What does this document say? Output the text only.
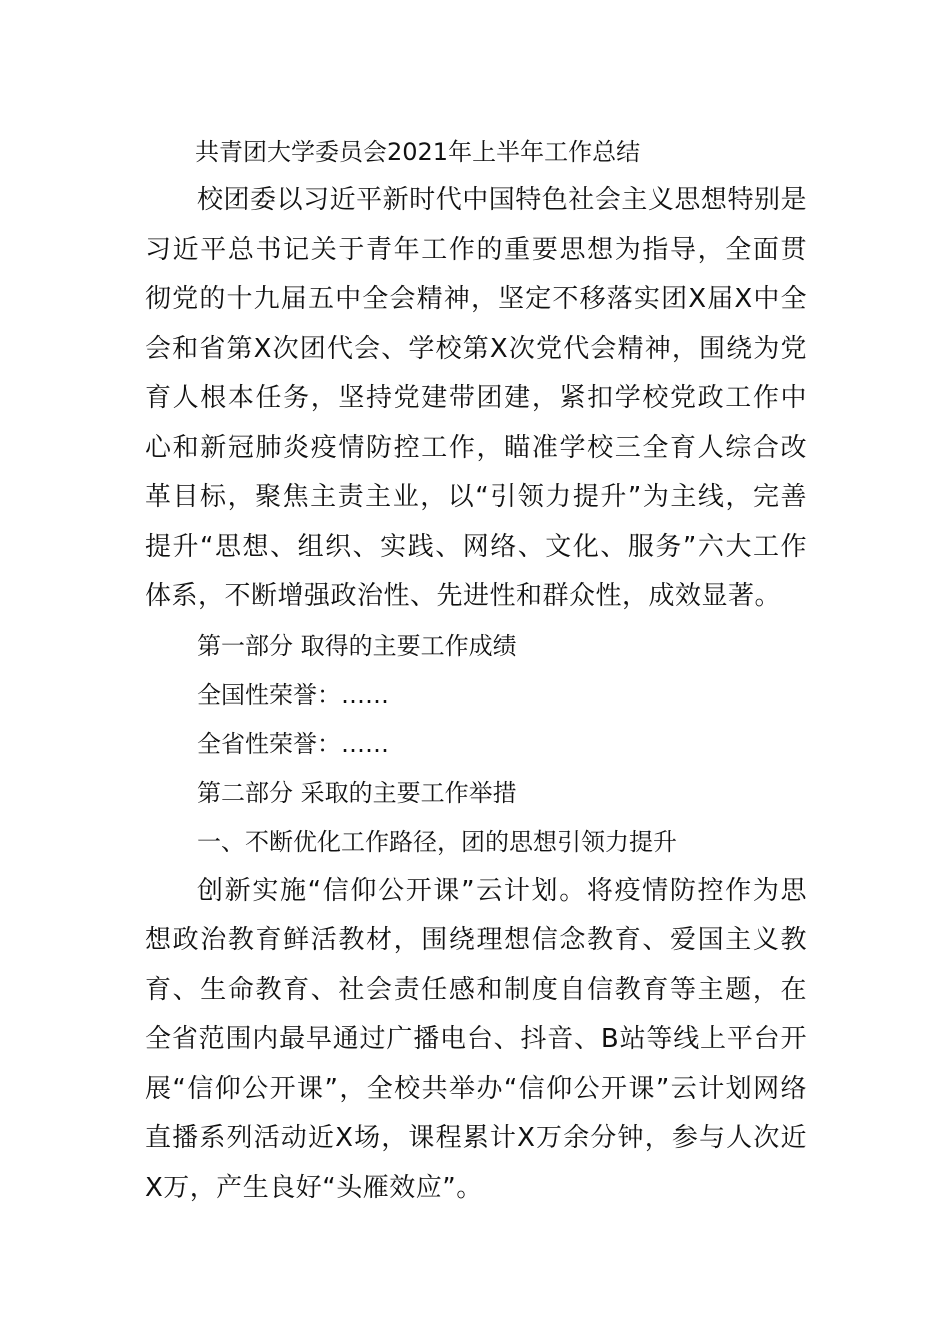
共青团大学委员会2021年上半年工作总结

校团委以习近平新时代中国特色社会主义思想特别是习近平总书记关于青年工作的重要思想为指导，全面贯彻党的十九届五中全会精神，坚定不移落实团X届X中全会和省第X次团代会、学校第X次党代会精神，围绕为党育人根本任务，坚持党建带团建，紧扣学校党政工作中心和新冠肺炎疫情防控工作，瞄准学校三全育人综合改革目标，聚焦主责主业，以“引领力提升”为主线，完善提升“思想、组织、实践、网络、文化、服务”六大工作体系，不断增强政治性、先进性和群众性，成效显著。

第一部分 取得的主要工作成绩

全国性荣誉：……

全省性荣誉：……

第二部分 采取的主要工作举措

一、不断优化工作路径，团的思想引领力提升

创新实施“信仰公开课”云计划。将疫情防控作为思想政治教育鲜活教材，围绕理想信念教育、爱国主义教育、生命教育、社会责任感和制度自信教育等主题，在全省范围内最早通过广播电台、抖音、B站等线上平台开展“信仰公开课”，全校共举办“信仰公开课”云计划网络直播系列活动近X场，课程累计X万余分钟，参与人次近X万，产生良好“头雁效应”。
